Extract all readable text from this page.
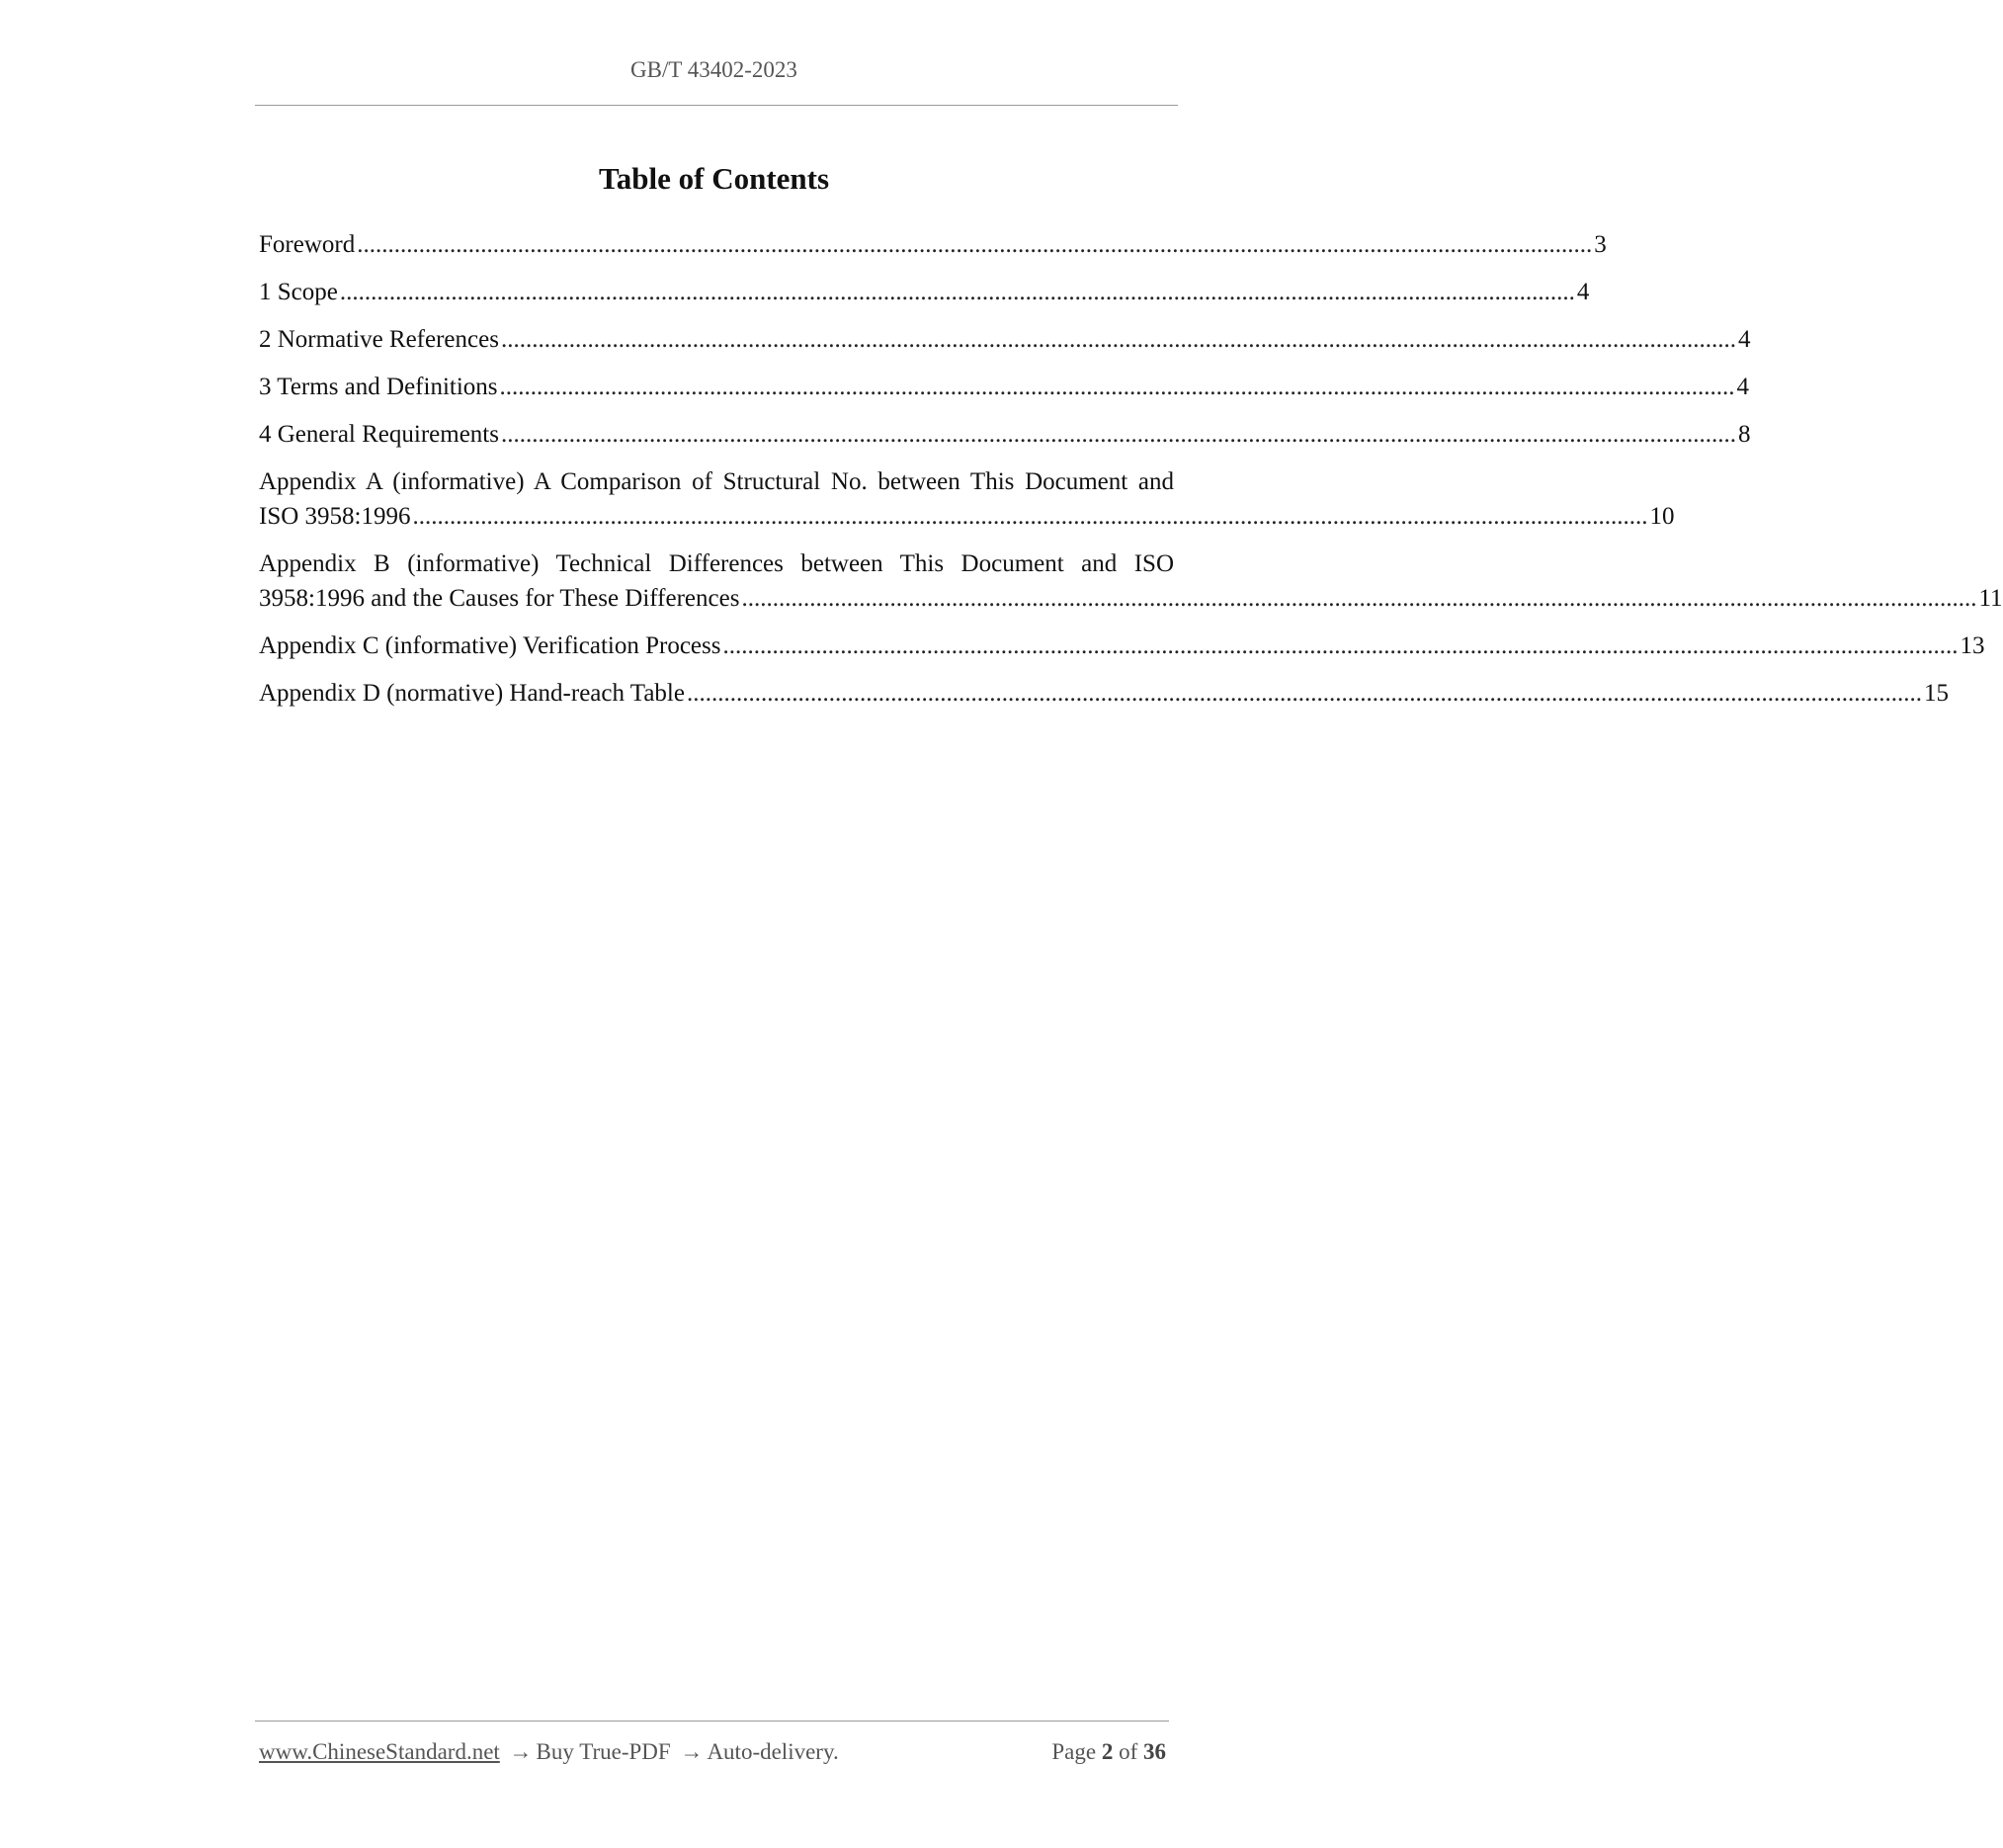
GB/T 43402-2023
Table of Contents
Foreword ........................................................................................................................................................................................................ 3
1 Scope ........................................................................................................................................................................................................ 4
2 Normative References ........................................................................................................................................................................................................ 4
3 Terms and Definitions ........................................................................................................................................................................................................ 4
4 General Requirements ........................................................................................................................................................................................................ 8
Appendix A (informative) A Comparison of Structural No. between This Document and
ISO 3958:1996 ........................................................................................................................................................................................................ 10
Appendix B (informative) Technical Differences between This Document and ISO
3958:1996 and the Causes for These Differences ........................................................................................................................................................................................................ 11
Appendix C (informative) Verification Process ........................................................................................................................................................................................................ 13
Appendix D (normative) Hand-reach Table ........................................................................................................................................................................................................ 15
www.ChineseStandard.net → Buy True-PDF → Auto-delivery.	Page 2 of 36
